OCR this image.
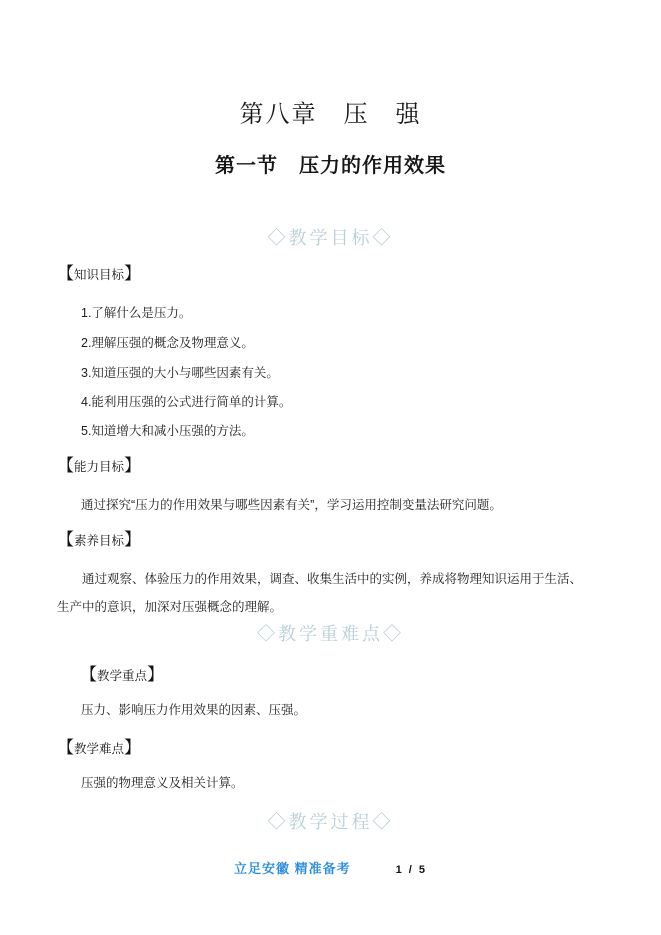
第八章　压　强
第一节　压力的作用效果
◇教学目标◇
【知识目标】
1.了解什么是压力。
2.理解压强的概念及物理意义。
3.知道压强的大小与哪些因素有关。
4.能利用压强的公式进行简单的计算。
5.知道增大和减小压强的方法。
【能力目标】
通过探究“压力的作用效果与哪些因素有关”，学习运用控制变量法研究问题。
【素养目标】
通过观察、体验压力的作用效果，调查、收集生活中的实例，养成将物理知识运用于生活、生产中的意识，加深对压强概念的理解。
◇教学重难点◇
【教学重点】
压力、影响压力作用效果的因素、压强。
【教学难点】
压强的物理意义及相关计算。
◇教学过程◇
立足安徽 精准备考	1 / 5
